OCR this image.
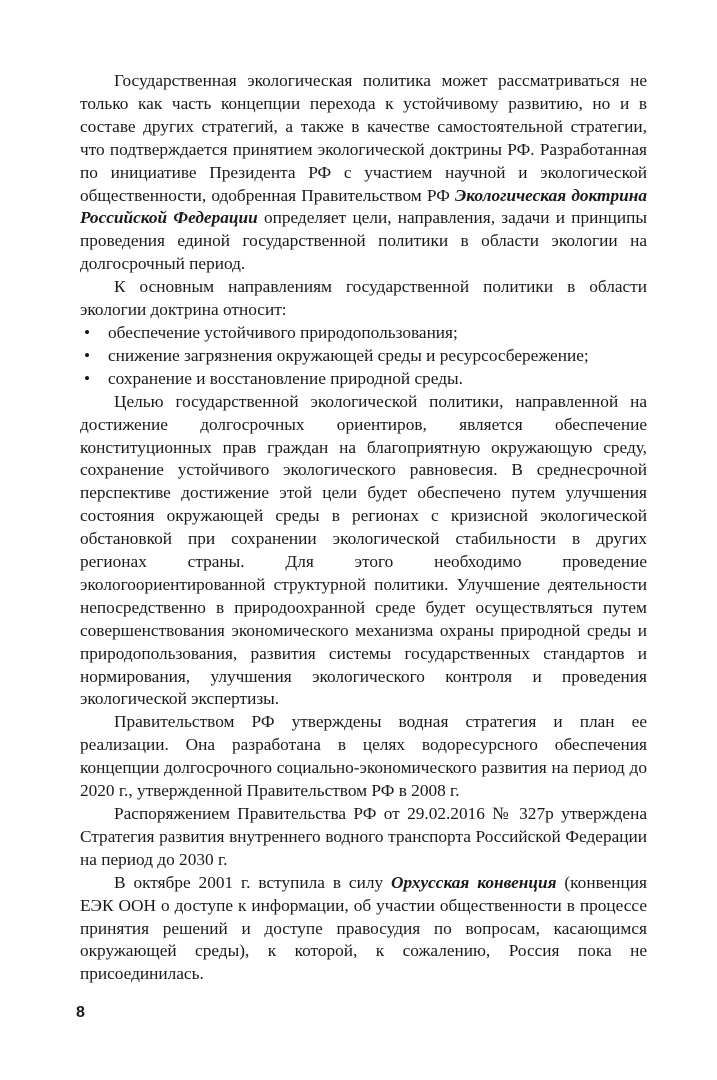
Государственная экологическая политика может рассматриваться не только как часть концепции перехода к устойчивому развитию, но и в составе других стратегий, а также в качестве самостоятельной стратегии, что подтверждается принятием экологической доктрины РФ. Разработанная по инициативе Президента РФ с участием научной и экологической общественности, одобренная Правительством РФ Экологическая доктрина Российской Федерации определяет цели, направления, задачи и принципы проведения единой государственной политики в области экологии на долгосрочный период.

К основным направлениям государственной политики в области экологии доктрина относит:

• обеспечение устойчивого природопользования;
• снижение загрязнения окружающей среды и ресурсосбережение;
• сохранение и восстановление природной среды.

Целью государственной экологической политики, направленной на достижение долгосрочных ориентиров, является обеспечение конституционных прав граждан на благоприятную окружающую среду, сохранение устойчивого экологического равновесия. В среднесрочной перспективе достижение этой цели будет обеспечено путем улучшения состояния окружающей среды в регионах с кризисной экологической обстановкой при сохранении экологической стабильности в других регионах страны. Для этого необходимо проведение экологоориентированной структурной политики. Улучшение деятельности непосредственно в природоохранной среде будет осуществляться путем совершенствования экономического механизма охраны природной среды и природопользования, развития системы государственных стандартов и нормирования, улучшения экологического контроля и проведения экологической экспертизы.

Правительством РФ утверждены водная стратегия и план ее реализации. Она разработана в целях водоресурсного обеспечения концепции долгосрочного социально-экономического развития на период до 2020 г., утвержденной Правительством РФ в 2008 г.

Распоряжением Правительства РФ от 29.02.2016 № 327р утверждена Стратегия развития внутреннего водного транспорта Российской Федерации на период до 2030 г.

В октябре 2001 г. вступила в силу Орхусская конвенция (конвенция ЕЭК ООН о доступе к информации, об участии общественности в процессе принятия решений и доступе правосудия по вопросам, касающимся окружающей среды), к которой, к сожалению, Россия пока не присоединилась.

8
